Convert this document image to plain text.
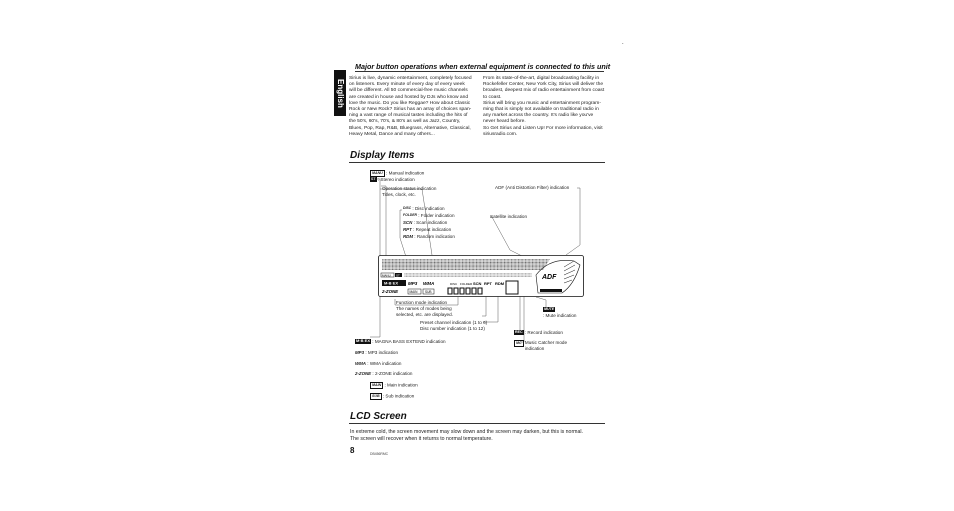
.
Major button operations when external equipment is connected to this unit
English
Sirius is live, dynamic entertainment, completely focused
on listeners. Every minute of every day of every week
will be different. All 50 commercial-free music channels
are created in house and hosted by DJs who know and
love the music. Do you like Reggae? How about Classic
Rock or New Rock? Sirius has an array of choices span-
ning a vast range of musical tastes including the hits of
the 50's, 60's, 70's, & 80's as well as Jazz, Country,
Blues, Pop, Rap, R&B, Bluegrass, Alternative, Classical,
Heavy Metal, Dance and many others...
From its state-of-the-art, digital broadcasting facility in
Rockefeller Center, New York City, Sirius will deliver the
broadest, deepest mix of radio entertainment from coast
to coast.
Sirius will bring you music and entertainment program-
ming that is simply not available on traditional radio in
any market across the country. It's radio like you've
never heard before.
So Get Sirius and Listen Up! For more information, visit
siriusradio.com.
Display Items
MANU : Manual indication
ST : Stereo indication
Operation status indication
Titles, clock, etc.
ADF (Anti Distortion Filter) indication
DISC : Disc indication
FOLDER : Folder indication
SCN : Scan indication
RPT : Repeat indication
RDM : Random indication
Satellite indication
MANU ST
M·B EX MP3 WMA
2-ZONE	MAIN SUB
DISC FOLDER SCN RPT RDM
ADF
Function mode indication
The names of modes being
selected, etc. are displayed.
Preset channel indication (1 to 6)
Disc number indication (1 to 12)
MUTE
: Mute indication
REC : Record indication
MC Music Catcher mode
indication
M·B EX : MAGNA BASS EXTEND indication
MP3 : MP3 indication
WMA : WMA indication
2-ZONE : 2-ZONE indication
MAIN : Main indication
SUB : Sub indication
LCD Screen
In extreme cold, the screen movement may slow down and the screen may darken, but this is normal.
The screen will recover when it returns to normal temperature.
8	DB456RMC
